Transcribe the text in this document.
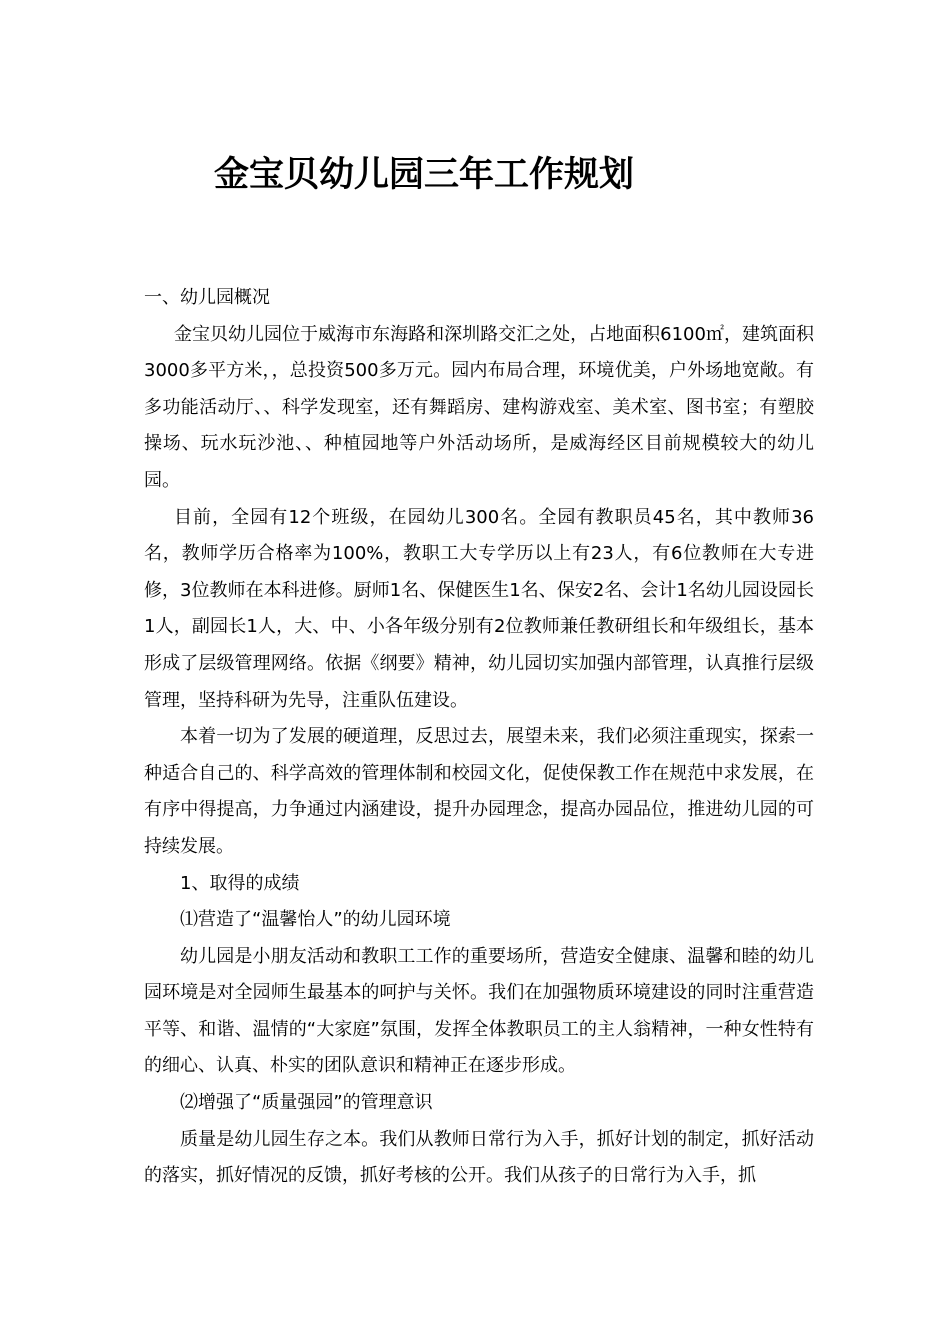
金宝贝幼儿园三年工作规划

一、幼儿园概况

金宝贝幼儿园位于威海市东海路和深圳路交汇之处，占地面积6100㎡，建筑面积3000多平方米，，总投资500多万元。园内布局合理，环境优美，户外场地宽敞。有多功能活动厅、、科学发现室，还有舞蹈房、建构游戏室、美术室、图书室；有塑胶操场、玩水玩沙池、、种植园地等户外活动场所，是威海经区目前规模较大的幼儿园。

目前，全园有12个班级，在园幼儿300名。全园有教职员45名，其中教师36名，教师学历合格率为100%，教职工大专学历以上有23人，有6位教师在大专进修，3位教师在本科进修。厨师1名、保健医生1名、保安2名、会计1名幼儿园设园长1人，副园长1人，大、中、小各年级分别有2位教师兼任教研组长和年级组长，基本形成了层级管理网络。依据《纲要》精神，幼儿园切实加强内部管理，认真推行层级管理，坚持科研为先导，注重队伍建设。

本着一切为了发展的硬道理，反思过去，展望未来，我们必须注重现实，探索一种适合自己的、科学高效的管理体制和校园文化，促使保教工作在规范中求发展，在有序中得提高，力争通过内涵建设，提升办园理念，提高办园品位，推进幼儿园的可持续发展。

1、取得的成绩

⑴营造了“温馨怡人”的幼儿园环境

幼儿园是小朋友活动和教职工工作的重要场所，营造安全健康、温馨和睦的幼儿园环境是对全园师生最基本的呵护与关怀。我们在加强物质环境建设的同时注重营造平等、和谐、温情的“大家庭”氛围，发挥全体教职员工的主人翁精神，一种女性特有的细心、认真、朴实的团队意识和精神正在逐步形成。

⑵增强了“质量强园”的管理意识

质量是幼儿园生存之本。我们从教师日常行为入手，抓好计划的制定，抓好活动的落实，抓好情况的反馈，抓好考核的公开。我们从孩子的日常行为入手，抓
